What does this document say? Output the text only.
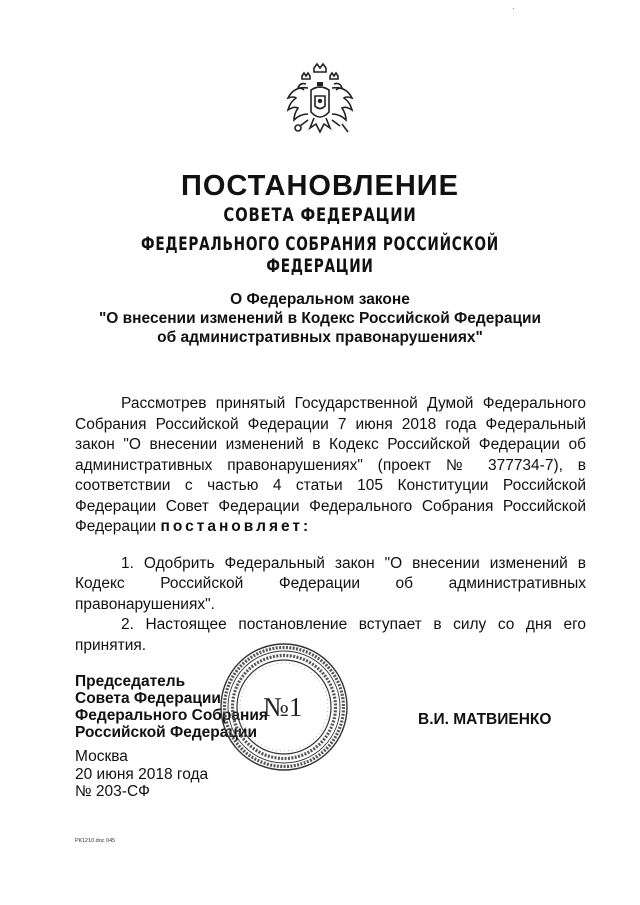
·
ПОСТАНОВЛЕНИЕ
СОВЕТА ФЕДЕРАЦИИ
ФЕДЕРАЛЬНОГО СОБРАНИЯ РОССИЙСКОЙ ФЕДЕРАЦИИ
О Федеральном законе
"О внесении изменений в Кодекс Российской Федерации
об административных правонарушениях"

Рассмотрев принятый Государственной Думой Федерального Собрания Российской Федерации 7 июня 2018 года Федеральный закон "О внесении изменений в Кодекс Российской Федерации об административных правонарушениях" (проект № 377734-7), в соответствии с частью 4 статьи 105 Конституции Российской Федерации Совет Федерации Федерального Собрания Российской Федерации постановляет:

1. Одобрить Федеральный закон "О внесении изменений в Кодекс Российской Федерации об административных правонарушениях".

2. Настоящее постановление вступает в силу со дня его принятия.

Председатель
Совета Федерации
Федерального Собрания
Российской Федерации
№1	В.И. МАТВИЕНКО
Москва
20 июня 2018 года
№ 203-СФ
РК1210.doc 045
